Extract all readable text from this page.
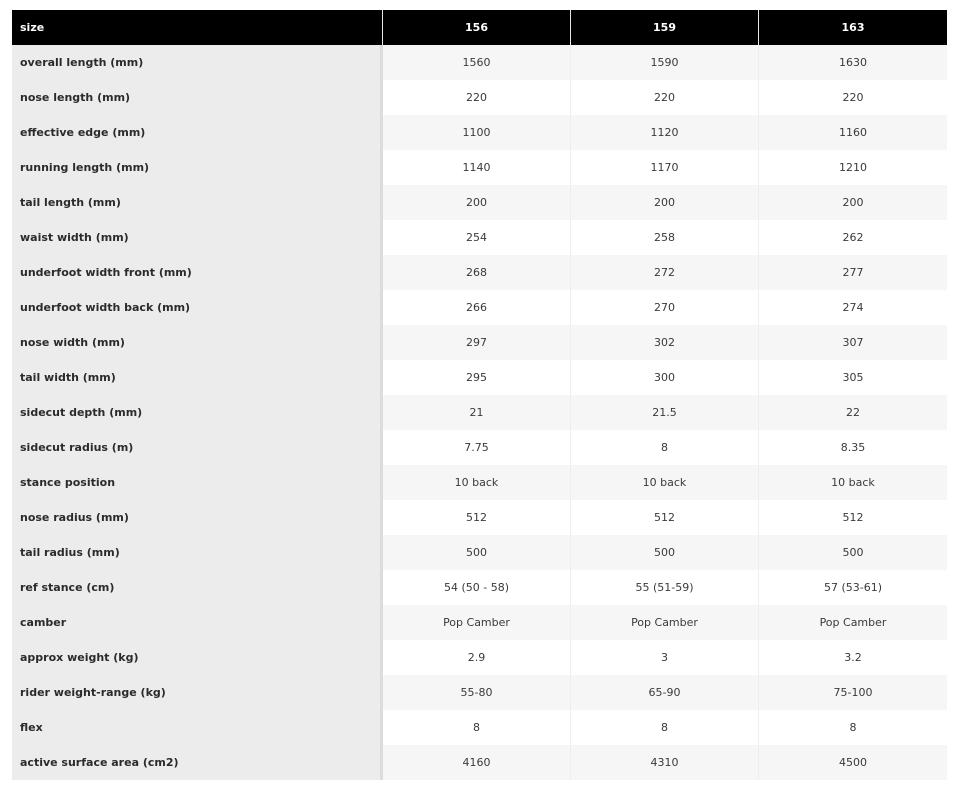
size	156	159	163
overall length (mm)	1560	1590	1630
nose length (mm)	220	220	220
effective edge (mm)	1100	1120	1160
running length (mm)	1140	1170	1210
tail length (mm)	200	200	200
waist width (mm)	254	258	262
underfoot width front (mm)	268	272	277
underfoot width back (mm)	266	270	274
nose width (mm)	297	302	307
tail width (mm)	295	300	305
sidecut depth (mm)	21	21.5	22
sidecut radius (m)	7.75	8	8.35
stance position	10 back	10 back	10 back
nose radius (mm)	512	512	512
tail radius (mm)	500	500	500
ref stance (cm)	54 (50 - 58)	55 (51-59)	57 (53-61)
camber	Pop Camber	Pop Camber	Pop Camber
approx weight (kg)	2.9	3	3.2
rider weight-range (kg)	55-80	65-90	75-100
flex	8	8	8
active surface area (cm2)	4160	4310	4500
